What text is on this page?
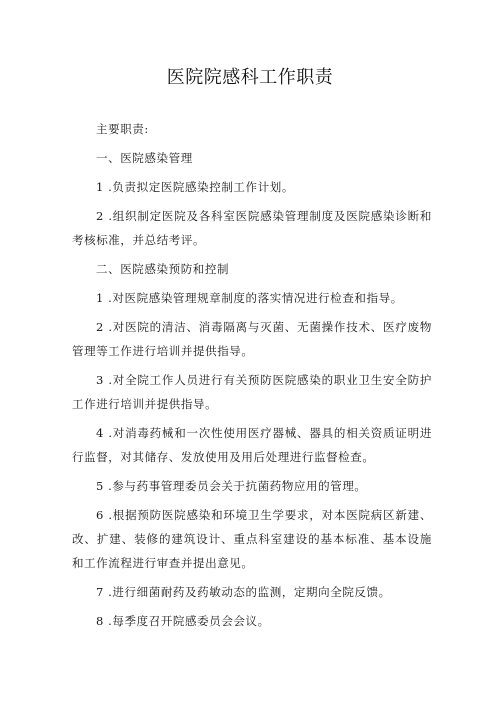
医院院感科工作职责

主要职责:

一、医院感染管理

1 .负责拟定医院感染控制工作计划。

2 .组织制定医院及各科室医院感染管理制度及医院感染诊断和考核标准，并总结考评。

二、医院感染预防和控制

1 .对医院感染管理规章制度的落实情况进行检查和指导。

2 .对医院的清洁、消毒隔离与灭菌、无菌操作技术、医疗废物管理等工作进行培训并提供指导。

3 .对全院工作人员进行有关预防医院感染的职业卫生安全防护工作进行培训并提供指导。

4 .对消毒药械和一次性使用医疗器械、器具的相关资质证明进行监督，对其储存、发放使用及用后处理进行监督检查。

5 .参与药事管理委员会关于抗菌药物应用的管理。

6 .根据预防医院感染和环境卫生学要求，对本医院病区新建、改、扩建、装修的建筑设计、重点科室建设的基本标准、基本设施和工作流程进行审查并提出意见。

7 .进行细菌耐药及药敏动态的监测，定期向全院反馈。

8 .每季度召开院感委员会会议。
